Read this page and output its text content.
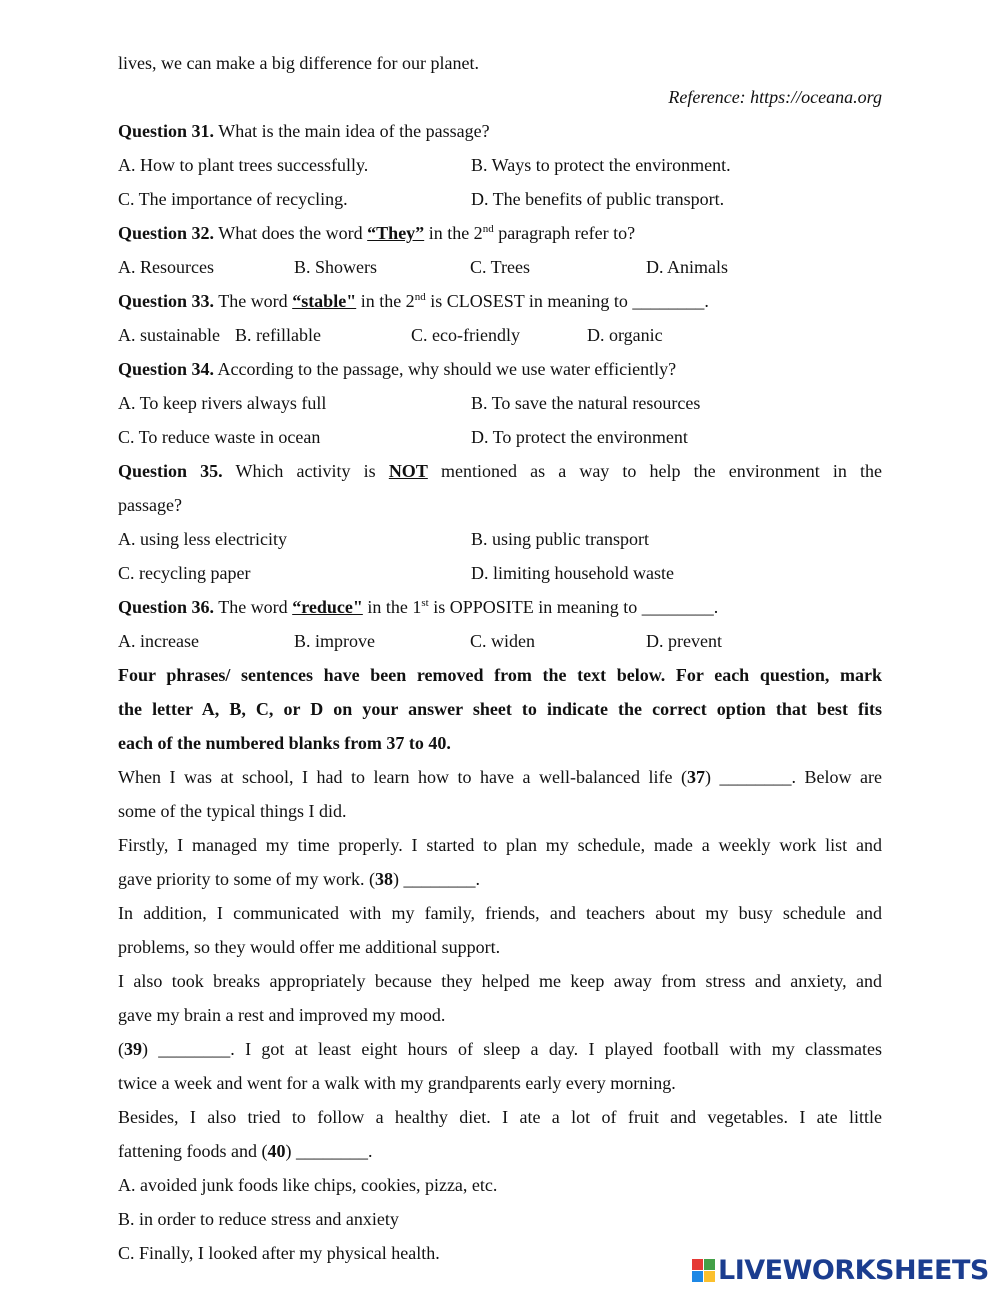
lives, we can make a big difference for our planet.
Reference: https://oceana.org
Question 31. What is the main idea of the passage?
A. How to plant trees successfully.	B. Ways to protect the environment.
C. The importance of recycling.	D. The benefits of public transport.
Question 32. What does the word “They” in the 2nd paragraph refer to?
A. Resources	B. Showers	C. Trees	D. Animals
Question 33. The word “stable" in the 2nd is CLOSEST in meaning to ________.
A. sustainable B. refillable	C. eco-friendly	D. organic
Question 34. According to the passage, why should we use water efficiently?
A. To keep rivers always full	B. To save the natural resources
C. To reduce waste in ocean	D. To protect the environment
Question 35. Which activity is NOT mentioned as a way to help the environment in the
passage?
A. using less electricity	B. using public transport
C. recycling paper	D. limiting household waste
Question 36. The word “reduce" in the 1st is OPPOSITE in meaning to ________.
A. increase	B. improve	C. widen	D. prevent
Four phrases/ sentences have been removed from the text below. For each question, mark
the letter A, B, C, or D on your answer sheet to indicate the correct option that best fits
each of the numbered blanks from 37 to 40.
When I was at school, I had to learn how to have a well-balanced life (37) ________. Below are
some of the typical things I did.
Firstly, I managed my time properly. I started to plan my schedule, made a weekly work list and
gave priority to some of my work. (38) ________.
In addition, I communicated with my family, friends, and teachers about my busy schedule and
problems, so they would offer me additional support.
I also took breaks appropriately because they helped me keep away from stress and anxiety, and
gave my brain a rest and improved my mood.
(39) ________. I got at least eight hours of sleep a day. I played football with my classmates
twice a week and went for a walk with my grandparents early every morning.
Besides, I also tried to follow a healthy diet. I ate a lot of fruit and vegetables. I ate little
fattening foods and (40) ________.
A. avoided junk foods like chips, cookies, pizza, etc.
B. in order to reduce stress and anxiety
C. Finally, I looked after my physical health.
LIVEWORKSHEETS
